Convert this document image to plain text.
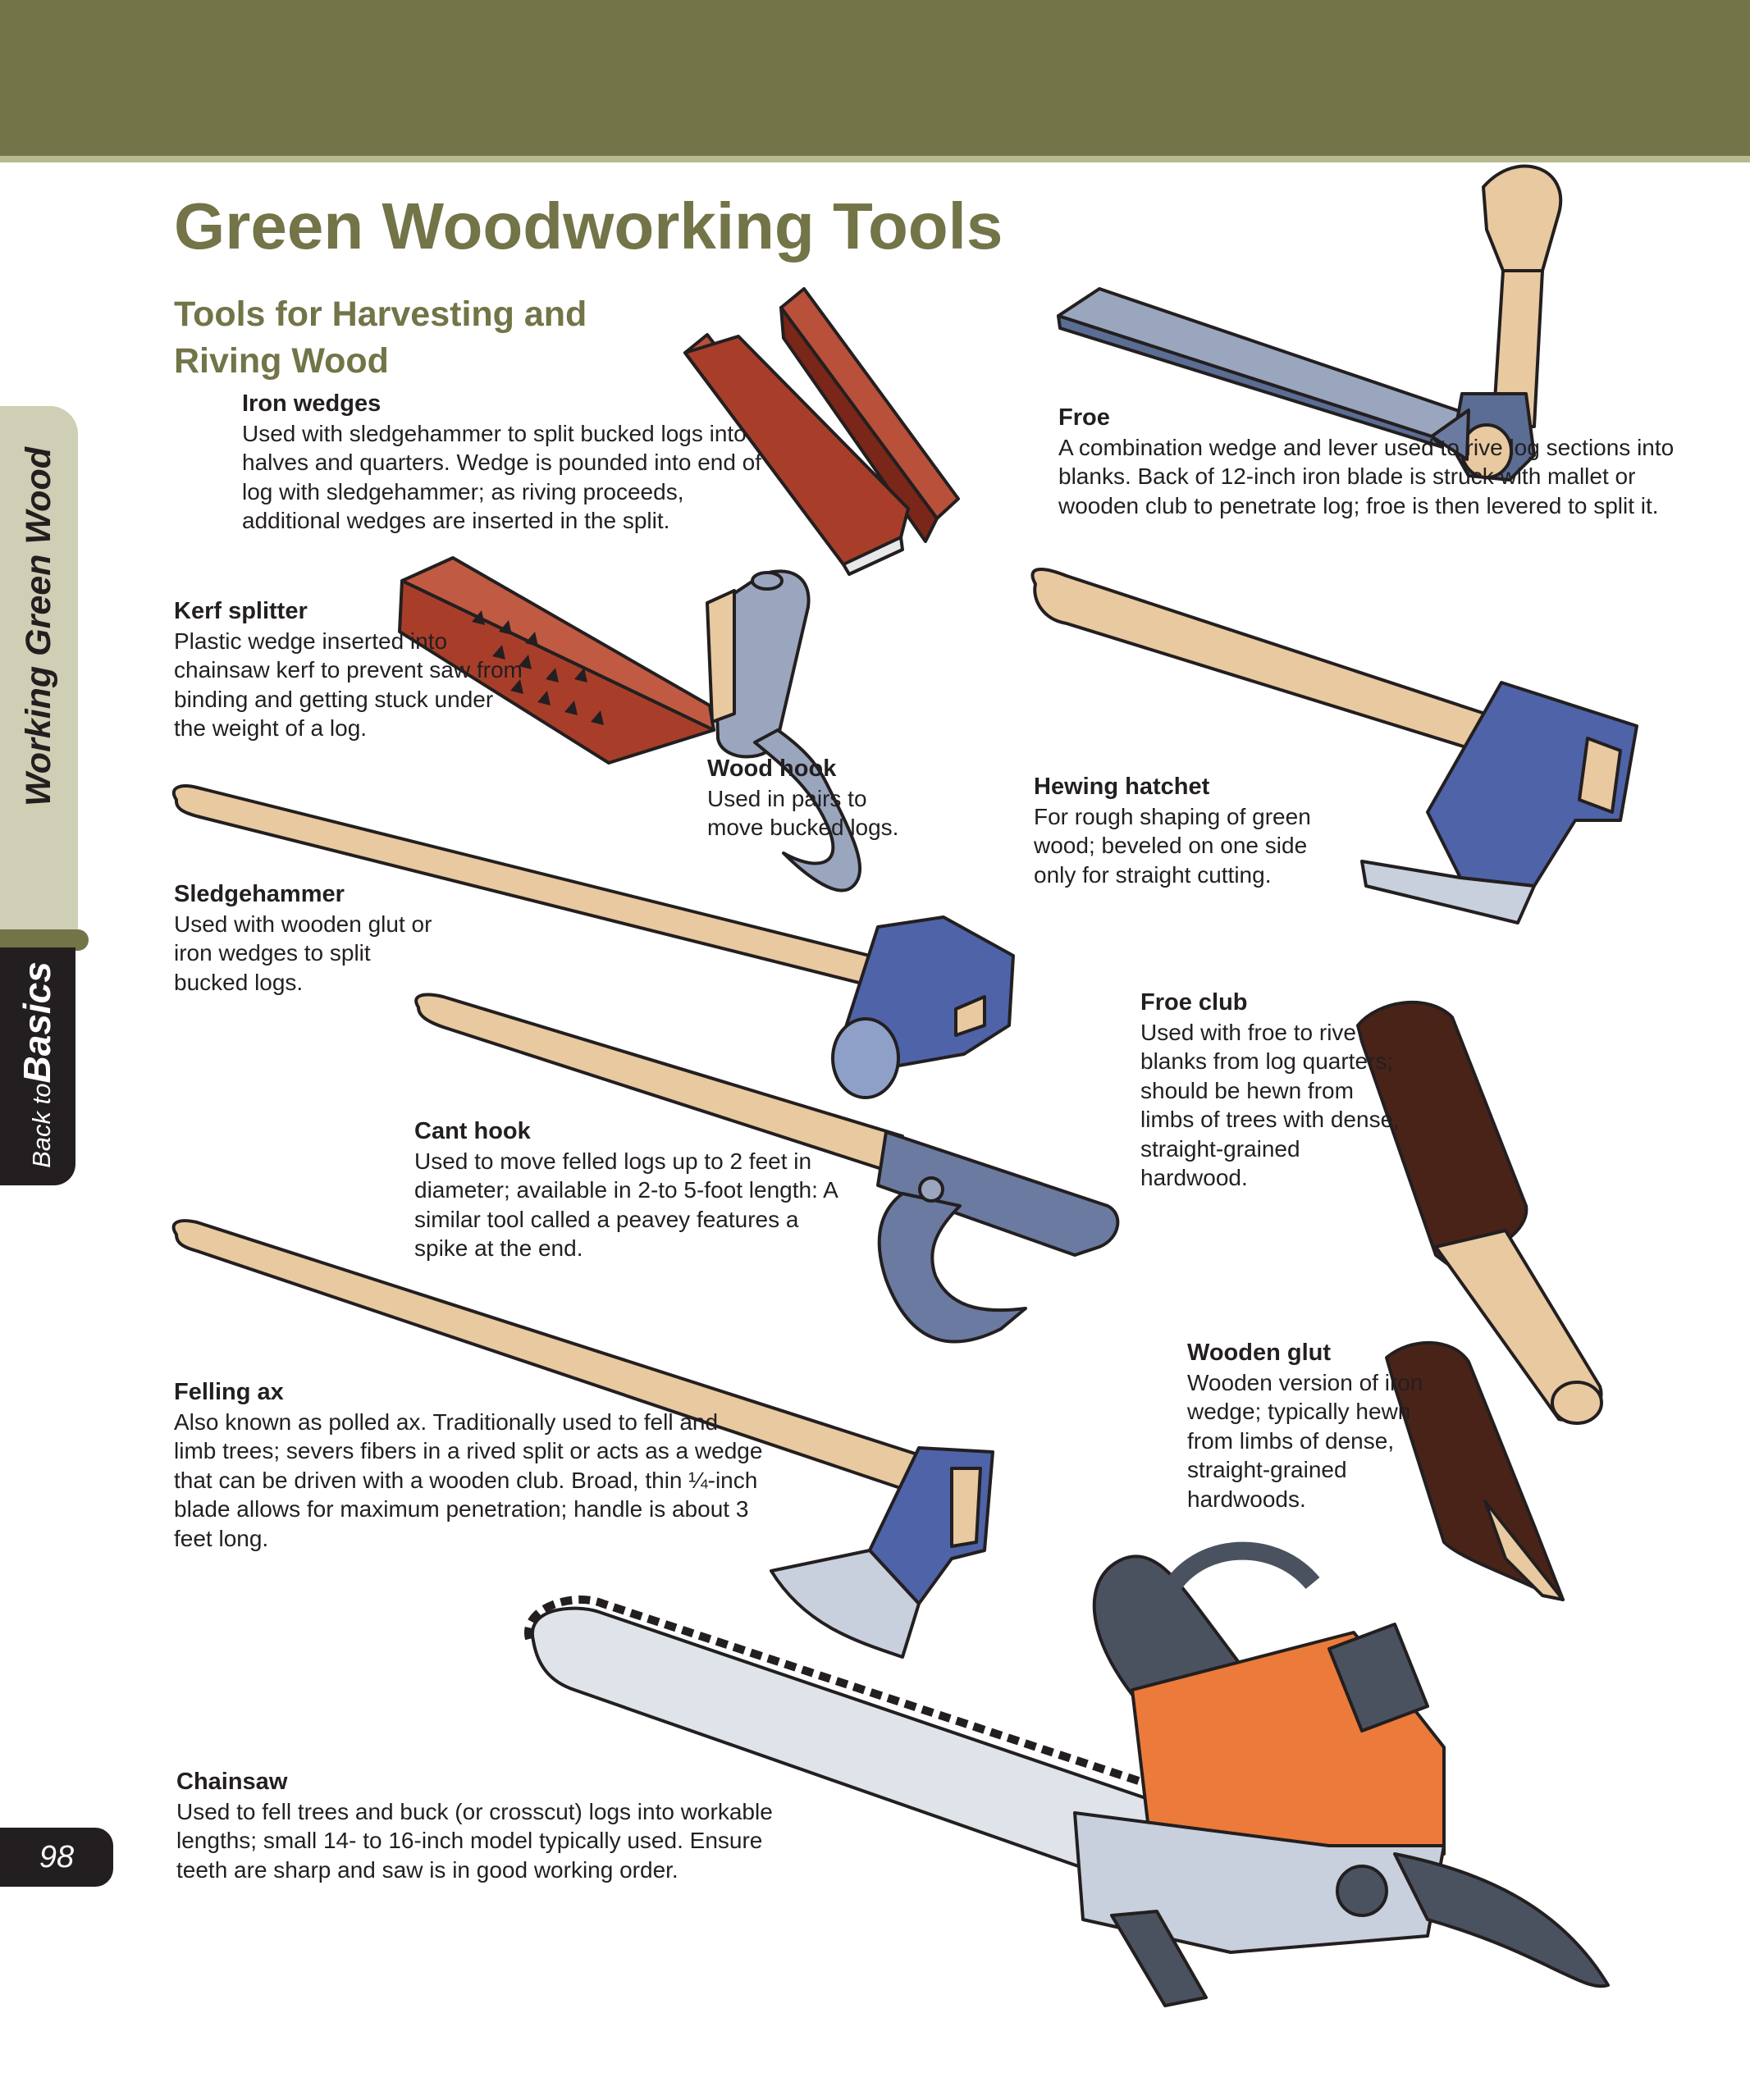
Working Green Wood
Back toBasics
98
Green Woodworking Tools
Tools for Harvesting and Riving Wood
Iron wedges
Used with sledgehammer to split bucked logs into halves and quarters. Wedge is pounded into end of log with sledgehammer; as riving proceeds, additional wedges are inserted in the split.
Froe
A combination wedge and lever used to rive log sections into blanks. Back of 12-inch iron blade is struck with mallet or wooden club to penetrate log; froe is then levered to split it.
Kerf splitter
Plastic wedge inserted into chainsaw kerf to prevent saw from binding and getting stuck under the weight of a log.
Wood hook
Used in pairs to move bucked logs.
Hewing hatchet
For rough shaping of green wood; beveled on one side only for straight cutting.
Sledgehammer
Used with wooden glut or iron wedges to split bucked logs.
Froe club
Used with froe to rive blanks from log quarters; should be hewn from limbs of trees with dense, straight-grained hardwood.
Cant hook
Used to move felled logs up to 2 feet in diameter; available in 2-to 5-foot length: A similar tool called a peavey features a spike at the end.
Wooden glut
Wooden version of iron wedge; typically hewn from limbs of dense, straight-grained hardwoods.
Felling ax
Also known as polled ax. Traditionally used to fell and limb trees; severs fibers in a rived split or acts as a wedge that can be driven with a wooden club. Broad, thin ¼-inch blade allows for maximum penetration; handle is about 3 feet long.
Chainsaw
Used to fell trees and buck (or crosscut) logs into workable lengths; small 14- to 16-inch model typically used. Ensure teeth are sharp and saw is in good working order.
